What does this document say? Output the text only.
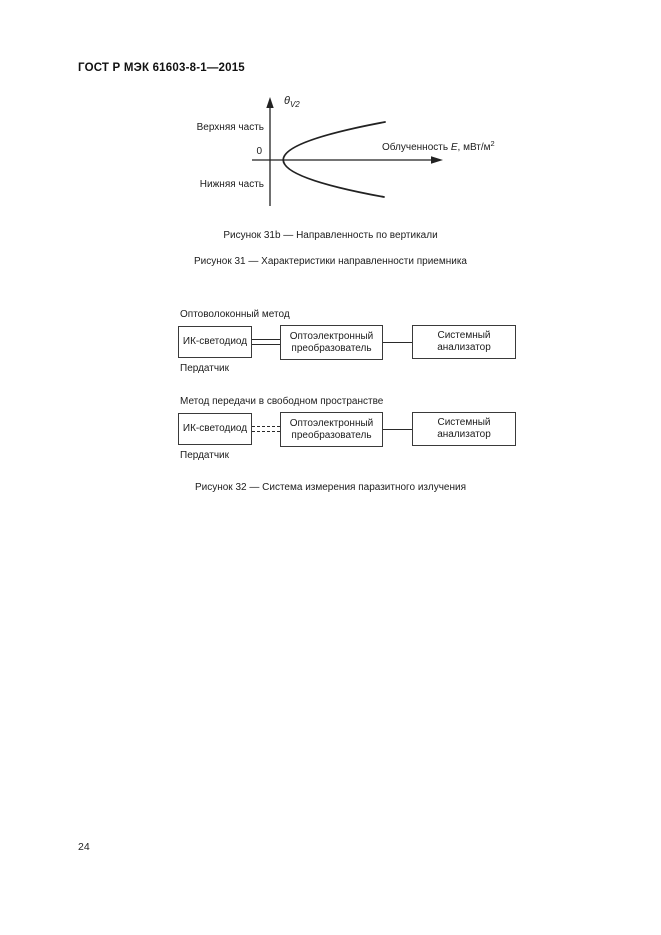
ГОСТ Р МЭК 61603-8-1—2015
$\theta_{V2}$
Верхняя часть
0
Нижняя часть
Облученность E, мВт/$м^2$
Рисунок 31b — Направленность по вертикали
Рисунок 31 — Характеристики направленности приемника
Оптоволоконный метод
ИК-светодиод	Оптоэлектронный
преобразователь
Системный
анализатор
Пердатчик
Метод передачи в свободном пространстве
ИК-светодиод	Оптоэлектронный
преобразователь
Системный
анализатор
Пердатчик
Рисунок 32 — Система измерения паразитного излучения
24
